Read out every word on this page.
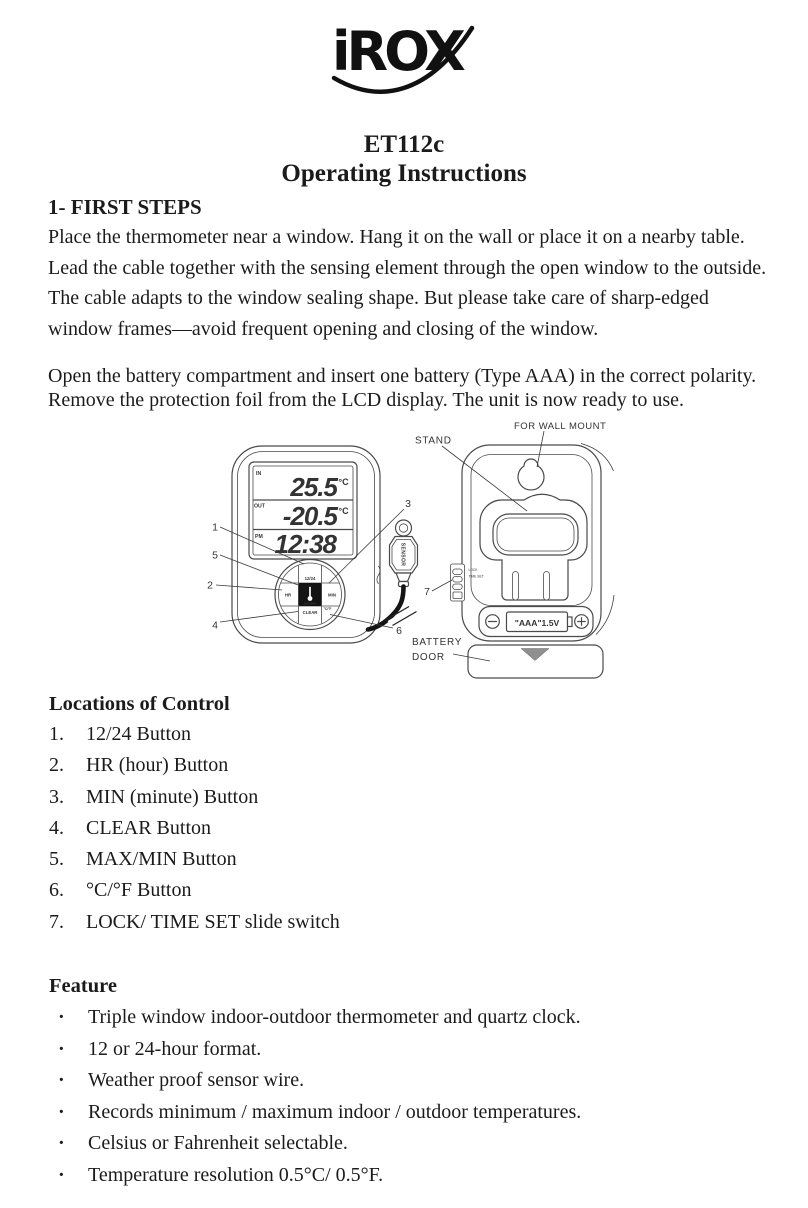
iROX
ET112c
Operating Instructions
1- FIRST STEPS

Place the thermometer near a window. Hang it on the wall or place it on a nearby table. Lead the cable together with the sensing element through the open window to the outside. The cable adapts to the window sealing shape. But please take care of sharp-edged window frames—avoid frequent opening and closing of the window.

Open the battery compartment and insert one battery (Type AAA) in the correct polarity. Remove the protection foil from the LCD display. The unit is now ready to use.

IN 25.5 °C
OUT -20.5 °C
PM 12:38
12/24
HR	MIN
CLEAR
°C/°F
MAX/MIN
SENSOR
LOCK
TIME SET
"AAA"1.5V
1
5
2
4
3
6
7
STAND
FOR WALL MOUNT
BATTERY
DOOR
Locations of Control
1. 12/24 Button
2. HR (hour) Button
3. MIN (minute) Button
4. CLEAR Button
5. MAX/MIN Button
6. °C/°F Button
7. LOCK/ TIME SET slide switch
Feature
· Triple window indoor-outdoor thermometer and quartz clock.
· 12 or 24-hour format.
· Weather proof sensor wire.
· Records minimum / maximum indoor / outdoor temperatures.
· Celsius or Fahrenheit selectable.
· Temperature resolution 0.5°C/ 0.5°F.
